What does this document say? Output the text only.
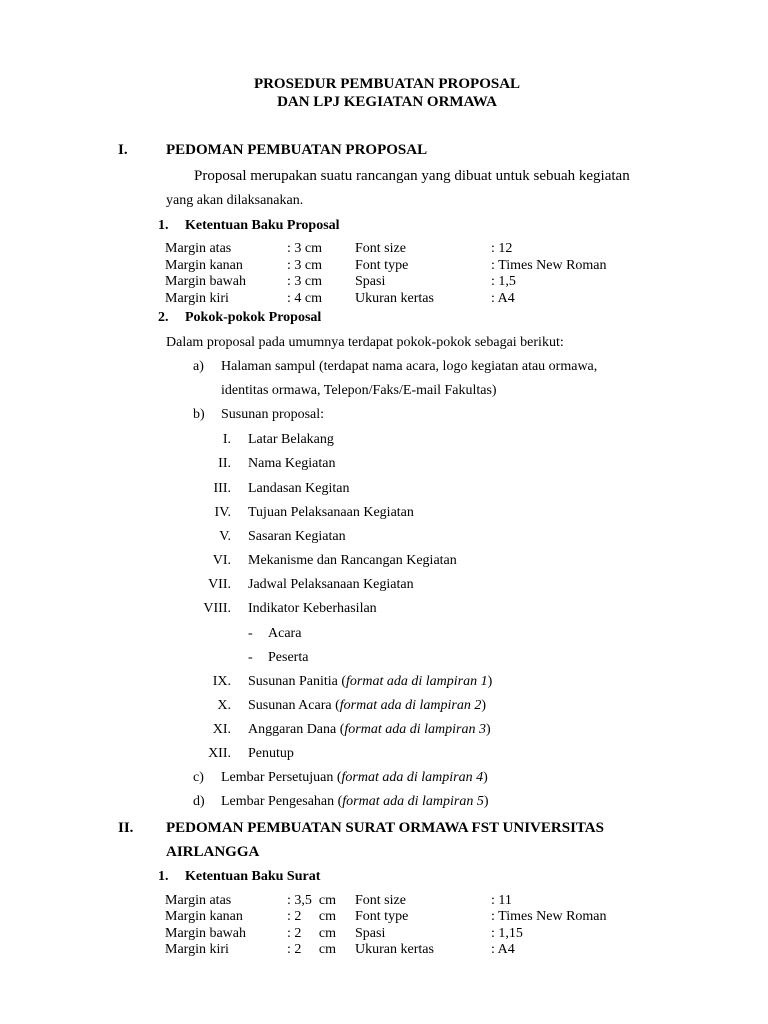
PROSEDUR PEMBUATAN PROPOSAL
DAN LPJ KEGIATAN ORMAWA
I.	PEDOMAN PEMBUATAN PROPOSAL
Proposal merupakan suatu rancangan yang dibuat untuk sebuah kegiatan
yang akan dilaksanakan.
1. Ketentuan Baku Proposal
Margin atas	: 3 cm Font size	: 12
Margin kanan	: 3 cm Font type	: Times New Roman
Margin bawah	: 3 cm Spasi	: 1,5
Margin kiri	: 4 cm Ukuran kertas	: A4
2. Pokok-pokok Proposal
Dalam proposal pada umumnya terdapat pokok-pokok sebagai berikut:
a) Halaman sampul (terdapat nama acara, logo kegiatan atau ormawa,
identitas ormawa, Telepon/Faks/E-mail Fakultas)
b) Susunan proposal:
I. Latar Belakang
II. Nama Kegiatan
III. Landasan Kegitan
IV. Tujuan Pelaksanaan Kegiatan
V. Sasaran Kegiatan
VI. Mekanisme dan Rancangan Kegiatan
VII. Jadwal Pelaksanaan Kegiatan
VIII. Indikator Keberhasilan
- Acara
- Peserta
IX. Susunan Panitia (format ada di lampiran 1)
X. Susunan Acara (format ada di lampiran 2)
XI. Anggaran Dana (format ada di lampiran 3)
XII. Penutup
c) Lembar Persetujuan (format ada di lampiran 4)
d) Lembar Pengesahan (format ada di lampiran 5)
II. PEDOMAN PEMBUATAN SURAT ORMAWA FST UNIVERSITAS
AIRLANGGA
1. Ketentuan Baku Surat
Margin atas	: 3,5  cm Font size	: 11
Margin kanan	: 2     cm Font type	: Times New Roman
Margin bawah	: 2     cm Spasi	: 1,15
Margin kiri	: 2     cm Ukuran kertas	: A4
